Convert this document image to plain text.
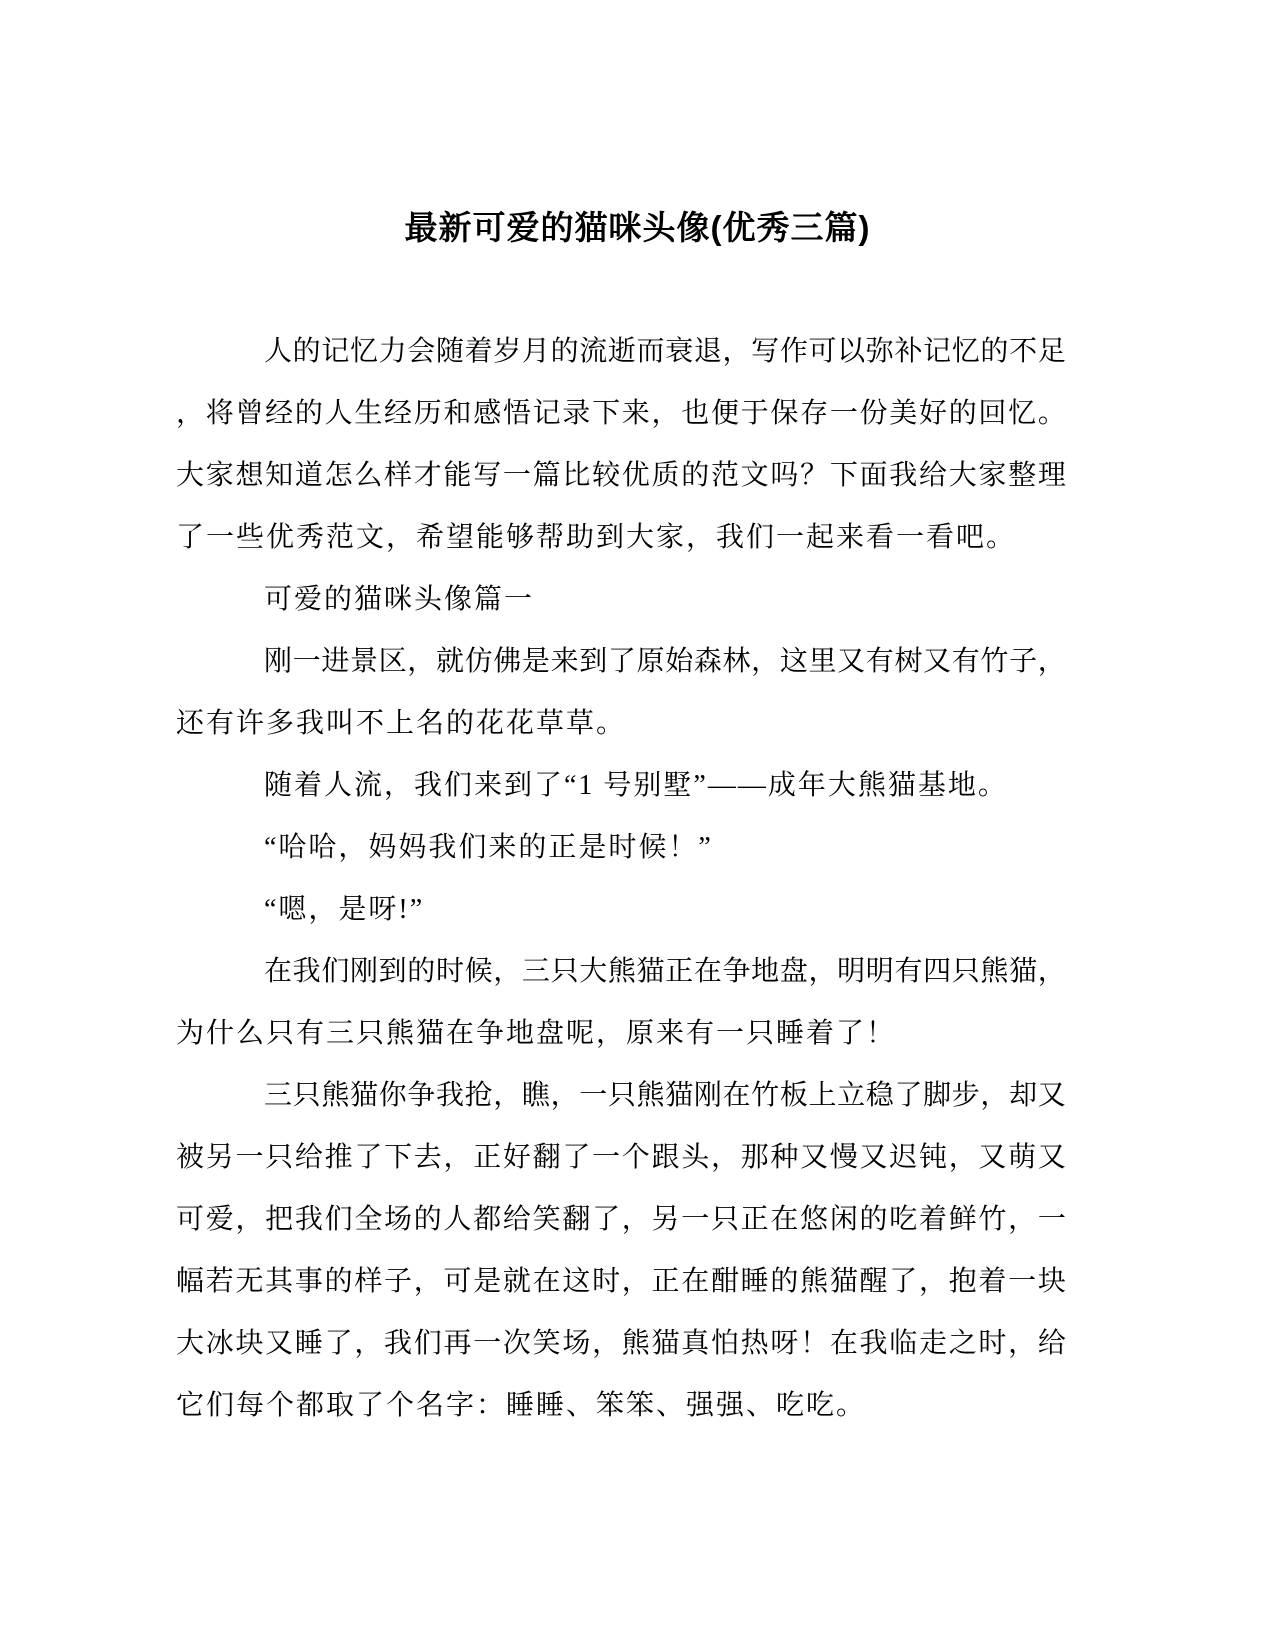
最新可爱的猫咪头像(优秀三篇)
人 的 记 忆 力 会 随 着 岁 月 的 流 逝 而 衰 退 ， 写 作 可 以 弥 补 记 忆 的 不 足
， 将 曾 经 的 人 生 经 历 和 感 悟 记 录 下 来 ， 也 便 于 保 存 一 份 美 好 的 回 忆 。
大 家 想 知 道 怎 么 样 才 能 写 一 篇 比 较 优 质 的 范 文 吗 ？ 下 面 我 给 大 家 整 理
了一些优秀范文，希望能够帮助到大家，我们一起来看一看吧。
可爱的猫咪头像篇一
刚 一 进 景 区 ， 就 仿 佛 是 来 到 了 原 始 森 林 ， 这 里 又 有 树 又 有 竹 子 ，
还有许多我叫不上名的花花草草。
随着人流，我们来到了“1 号别墅”——成年大熊猫基地。
“哈哈，妈妈我们来的正是时候！”
“嗯，是呀!”
在 我 们 刚 到 的 时 候 ， 三 只 大 熊 猫 正 在 争 地 盘 ， 明 明 有 四 只 熊 猫 ，
为什么只有三只熊猫在争地盘呢，原来有一只睡着了！
三 只 熊 猫 你 争 我 抢 ， 瞧 ， 一 只 熊 猫 刚 在 竹 板 上 立 稳 了 脚 步 ， 却 又
被 另 一 只 给 推 了 下 去 ， 正 好 翻 了 一 个 跟 头 ， 那 种 又 慢 又 迟 钝 ， 又 萌 又
可 爱 ， 把 我 们 全 场 的 人 都 给 笑 翻 了 ， 另 一 只 正 在 悠 闲 的 吃 着 鲜 竹 ， 一
幅 若 无 其 事 的 样 子 ， 可 是 就 在 这 时 ， 正 在 酣 睡 的 熊 猫 醒 了 ， 抱 着 一 块
大 冰 块 又 睡 了 ， 我 们 再 一 次 笑 场 ， 熊 猫 真 怕 热 呀 ！ 在 我 临 走 之 时 ， 给
它们每个都取了个名字：睡睡、笨笨、强强、吃吃。
